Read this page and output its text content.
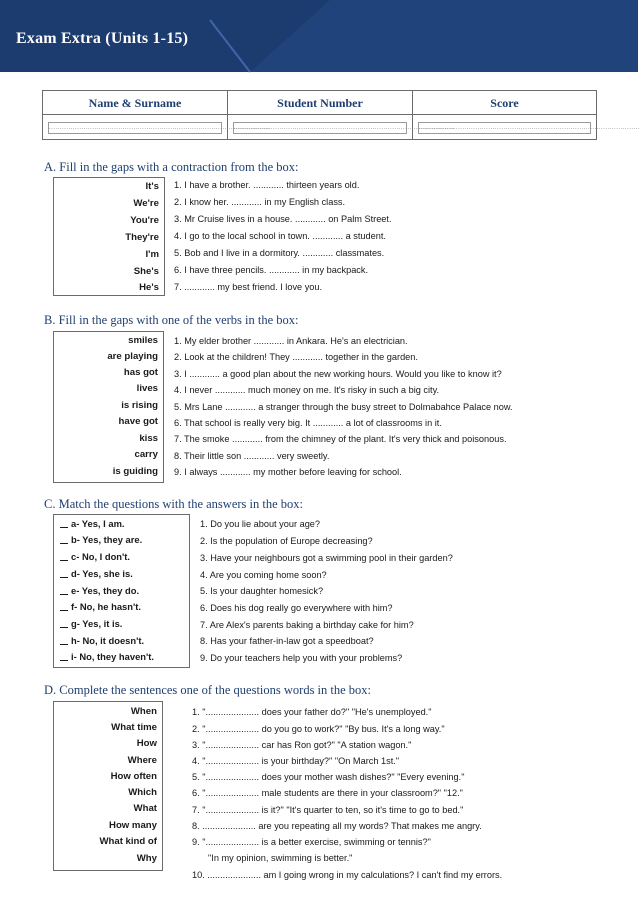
Exam Extra (Units 1-15)
Name & Surname	Student Number	Score
......................................................................................................
......................................................................................................
......................................................................................................
A. Fill in the gaps with a contraction from the box:
It's
We're
You're
They're
I'm
She's
He's
1. I have a brother. ............ thirteen years old.
2. I know her. ............ in my English class.
3. Mr Cruise lives in a house. ............ on Palm Street.
4. I go to the local school in town. ............ a student.
5. Bob and I live in a dormitory. ............ classmates.
6. I have three pencils. ............ in my backpack.
7. ............ my best friend. I love you.
B. Fill in the gaps with one of the verbs in the box:
smiles
are playing
has got
lives
is rising
have got
kiss
carry
is guiding
1. My elder brother ............ in Ankara. He's an electrician.
2. Look at the children! They ............ together in the garden.
3. I ............ a good plan about the new working hours. Would you like to know it?
4. I never ............ much money on me. It's risky in such a big city.
5. Mrs Lane ............ a stranger through the busy street to Dolmabahce Palace now.
6. That school is really very big. It ............ a lot of classrooms in it.
7. The smoke ............ from the chimney of the plant. It's very thick and poisonous.
8. Their little son ............ very sweetly.
9. I always ............ my mother before leaving for school.
C. Match the questions with the answers in the box:
a- Yes, I am.
b- Yes, they are.
c- No, I don't.
d- Yes, she is.
e- Yes, they do.
f- No, he hasn't.
g- Yes, it is.
h- No, it doesn't.
i- No, they haven't.
1. Do you lie about your age?
2. Is the population of Europe decreasing?
3. Have your neighbours got a swimming pool in their garden?
4. Are you coming home soon?
5. Is your daughter homesick?
6. Does his dog really go everywhere with him?
7. Are Alex's parents baking a birthday cake for him?
8. Has your father-in-law got a speedboat?
9. Do your teachers help you with your problems?
D. Complete the sentences one of the questions words in the box:
When
What time
How
Where
How often
Which
What
How many
What kind of
Why
1. "..................... does your father do?" "He's unemployed."
2. "..................... do you go to work?" "By bus. It's a long way."
3. "..................... car has Ron got?" "A station wagon."
4. "..................... is your birthday?" "On March 1st."
5. "..................... does your mother wash dishes?" "Every evening."
6. "..................... male students are there in your classroom?" "12."
7. "..................... is it?" "It's quarter to ten, so it's time to go to bed."
8. ..................... are you repeating all my words? That makes me angry.
9. "..................... is a better exercise, swimming or tennis?"
"In my opinion, swimming is better."
10. ..................... am I going wrong in my calculations? I can't find my errors.
